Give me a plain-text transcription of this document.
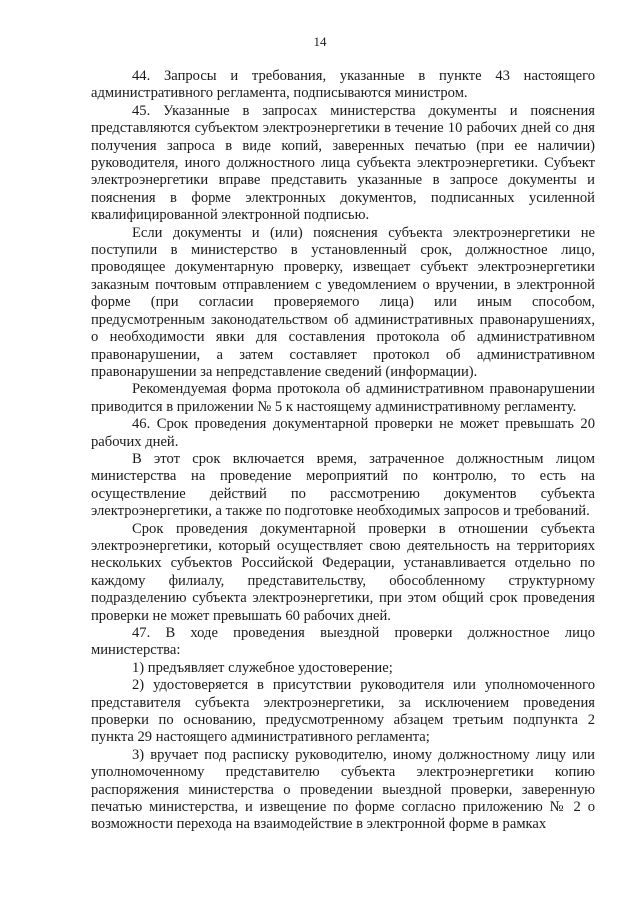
14

44. Запросы и требования, указанные в пункте 43 настоящего административного регламента, подписываются министром.

45. Указанные в запросах министерства документы и пояснения представляются субъектом электроэнергетики в течение 10 рабочих дней со дня получения запроса в виде копий, заверенных печатью (при ее наличии) руководителя, иного должностного лица субъекта электроэнергетики. Субъект электроэнергетики вправе представить указанные в запросе документы и пояснения в форме электронных документов, подписанных усиленной квалифицированной электронной подписью.

Если документы и (или) пояснения субъекта электроэнергетики не поступили в министерство в установленный срок, должностное лицо, проводящее документарную проверку, извещает субъект электроэнергетики заказным почтовым отправлением с уведомлением о вручении, в электронной форме (при согласии проверяемого лица) или иным способом, предусмотренным законодательством об административных правонарушениях, о необходимости явки для составления протокола об административном правонарушении, а затем составляет протокол об административном правонарушении за непредставление сведений (информации).

Рекомендуемая форма протокола об административном правонарушении приводится в приложении № 5 к настоящему административному регламенту.

46. Срок проведения документарной проверки не может превышать 20 рабочих дней.

В этот срок включается время, затраченное должностным лицом министерства на проведение мероприятий по контролю, то есть на осуществление действий по рассмотрению документов субъекта электроэнергетики, а также по подготовке необходимых запросов и требований.

Срок проведения документарной проверки в отношении субъекта электроэнергетики, который осуществляет свою деятельность на территориях нескольких субъектов Российской Федерации, устанавливается отдельно по каждому филиалу, представительству, обособленному структурному подразделению субъекта электроэнергетики, при этом общий срок проведения проверки не может превышать 60 рабочих дней.

47. В ходе проведения выездной проверки должностное лицо министерства:

1) предъявляет служебное удостоверение;

2) удостоверяется в присутствии руководителя или уполномоченного представителя субъекта электроэнергетики, за исключением проведения проверки по основанию, предусмотренному абзацем третьим подпункта 2 пункта 29 настоящего административного регламента;

3) вручает под расписку руководителю, иному должностному лицу или уполномоченному представителю субъекта электроэнергетики копию распоряжения министерства о проведении выездной проверки, заверенную печатью министерства, и извещение по форме согласно приложению № 2 о возможности перехода на взаимодействие в электронной форме в рамках
